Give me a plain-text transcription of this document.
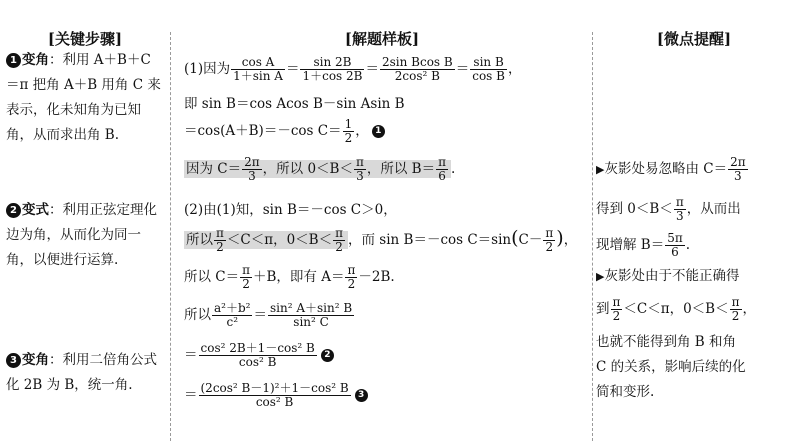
[关键步骤]	[解题样板]	[微点提醒]
1 变角：利用 A＋B＋C＝π 把角 A＋B 用角 C 来表示，化未知角为已知角，从而求出角 B.
2 变式：利用正弦定理化边为角，从而化为同一角，以便进行运算.
3 变角：利用二倍角公式化 2B 为 B，统一角.
(1)因为 $\frac{\text{cos A}}{\text{1＋sin A}} = \frac{\sin 2B}{1+\cos 2B} = \frac{\text{2sin Bcos B}}{\text{2cos² B}} = \frac{\text{sin B}}{\text{cos B}}$ ，
即 sin B＝cos Acos B－sin Asin B
＝cos(A＋B)＝－cos $C= \frac{1}{2}$ ， 1
因为 $C= \frac{2\pi}{3}$ ，所以 $0<B< \frac{\pi}{3}$ ，所以 $B= \frac{\pi}{6}$ .
(2)由(1)知，sin B＝－cos C＞0，
所以 $\frac{\pi}{2} <C<\pi$，$0<B< \frac{\pi}{2}$ ，而 sin B＝－cos $C=\sin(C- \frac{\pi}{2}$ )，
所以 $C= \frac{\pi}{2} +B$，即有 $A= \frac{\pi}{2} -2B$.
所以 $\frac{\text{a²＋b²}}{\text{c²}} = \frac{\text{sin² A＋sin² B}}{\text{sin² C}}$
＝ $\frac{\text{cos² 2B＋1－cos² B}}{\text{cos² B}} 2$
＝ $\frac{\text{(2cos² B－1)²＋1－cos² B}}{\text{cos² B}} 3$
▶灰影处易忽略由 $C= \frac{2\pi}{3}$
得到 $0<B< \frac{\pi}{3}$ ，从而出
现增解 $B= \frac{5\pi}{6}$ .
▶灰影处由于不能正确得
到 $\frac{\pi}{2} <C<\pi$，$0<B< \frac{\pi}{2}$ ，
也就不能得到角 B 和角
C 的关系，影响后续的化
简和变形.
